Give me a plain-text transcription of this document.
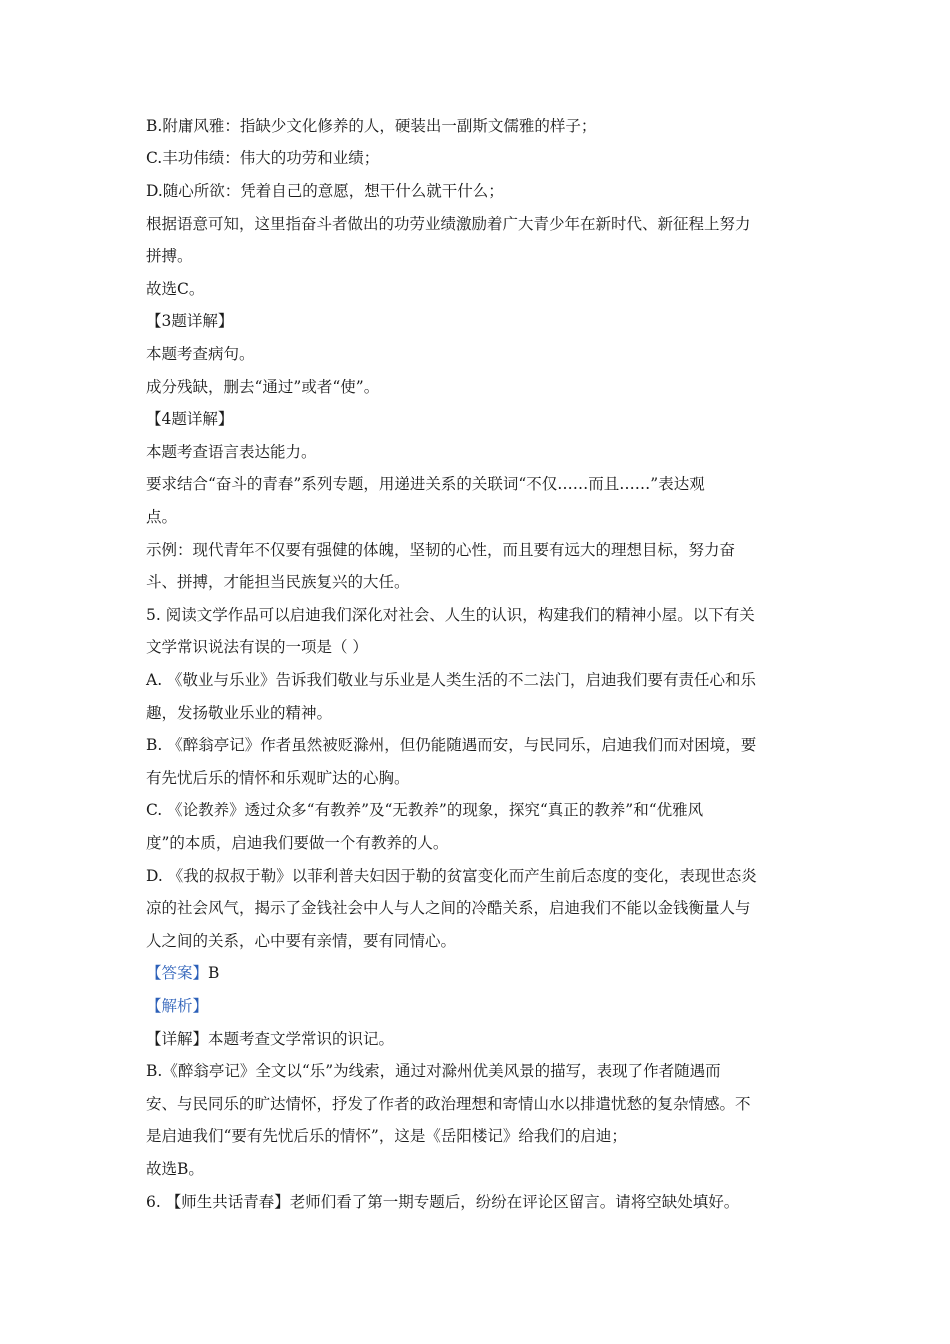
B.附庸风雅：指缺少文化修养的人，硬装出一副斯文儒雅的样子；
C.丰功伟绩：伟大的功劳和业绩；
D.随心所欲：凭着自己的意愿，想干什么就干什么；
根据语意可知，这里指奋斗者做出的功劳业绩激励着广大青少年在新时代、新征程上努力
拼搏。
故选C。
【3题详解】
本题考查病句。
成分残缺，删去“通过”或者“使”。
【4题详解】
本题考查语言表达能力。
要求结合“奋斗的青春”系列专题，用递进关系的关联词“不仅……而且……”表达观
点。
示例：现代青年不仅要有强健的体魄，坚韧的心性，而且要有远大的理想目标，努力奋
斗、拼搏，才能担当民族复兴的大任。
5. 阅读文学作品可以启迪我们深化对社会、人生的认识，构建我们的精神小屋。以下有关
文学常识说法有误的一项是（ ）
A. 《敬业与乐业》告诉我们敬业与乐业是人类生活的不二法门，启迪我们要有责任心和乐
趣，发扬敬业乐业的精神。
B. 《醉翁亭记》作者虽然被贬滁州，但仍能随遇而安，与民同乐，启迪我们而对困境，要
有先忧后乐的情怀和乐观旷达的心胸。
C. 《论教养》透过众多“有教养”及“无教养”的现象，探究“真正的教养”和“优雅风
度”的本质，启迪我们要做一个有教养的人。
D. 《我的叔叔于勒》以菲利普夫妇因于勒的贫富变化而产生前后态度的变化，表现世态炎
凉的社会风气，揭示了金钱社会中人与人之间的冷酷关系，启迪我们不能以金钱衡量人与
人之间的关系，心中要有亲情，要有同情心。
【答案】B
【解析】
【详解】本题考查文学常识的识记。
B.《醉翁亭记》全文以“乐”为线索，通过对滁州优美风景的描写，表现了作者随遇而
安、与民同乐的旷达情怀，抒发了作者的政治理想和寄情山水以排遣忧愁的复杂情感。不
是启迪我们“要有先忧后乐的情怀”，这是《岳阳楼记》给我们的启迪；
故选B。
6. 【师生共话青春】老师们看了第一期专题后，纷纷在评论区留言。请将空缺处填好。
